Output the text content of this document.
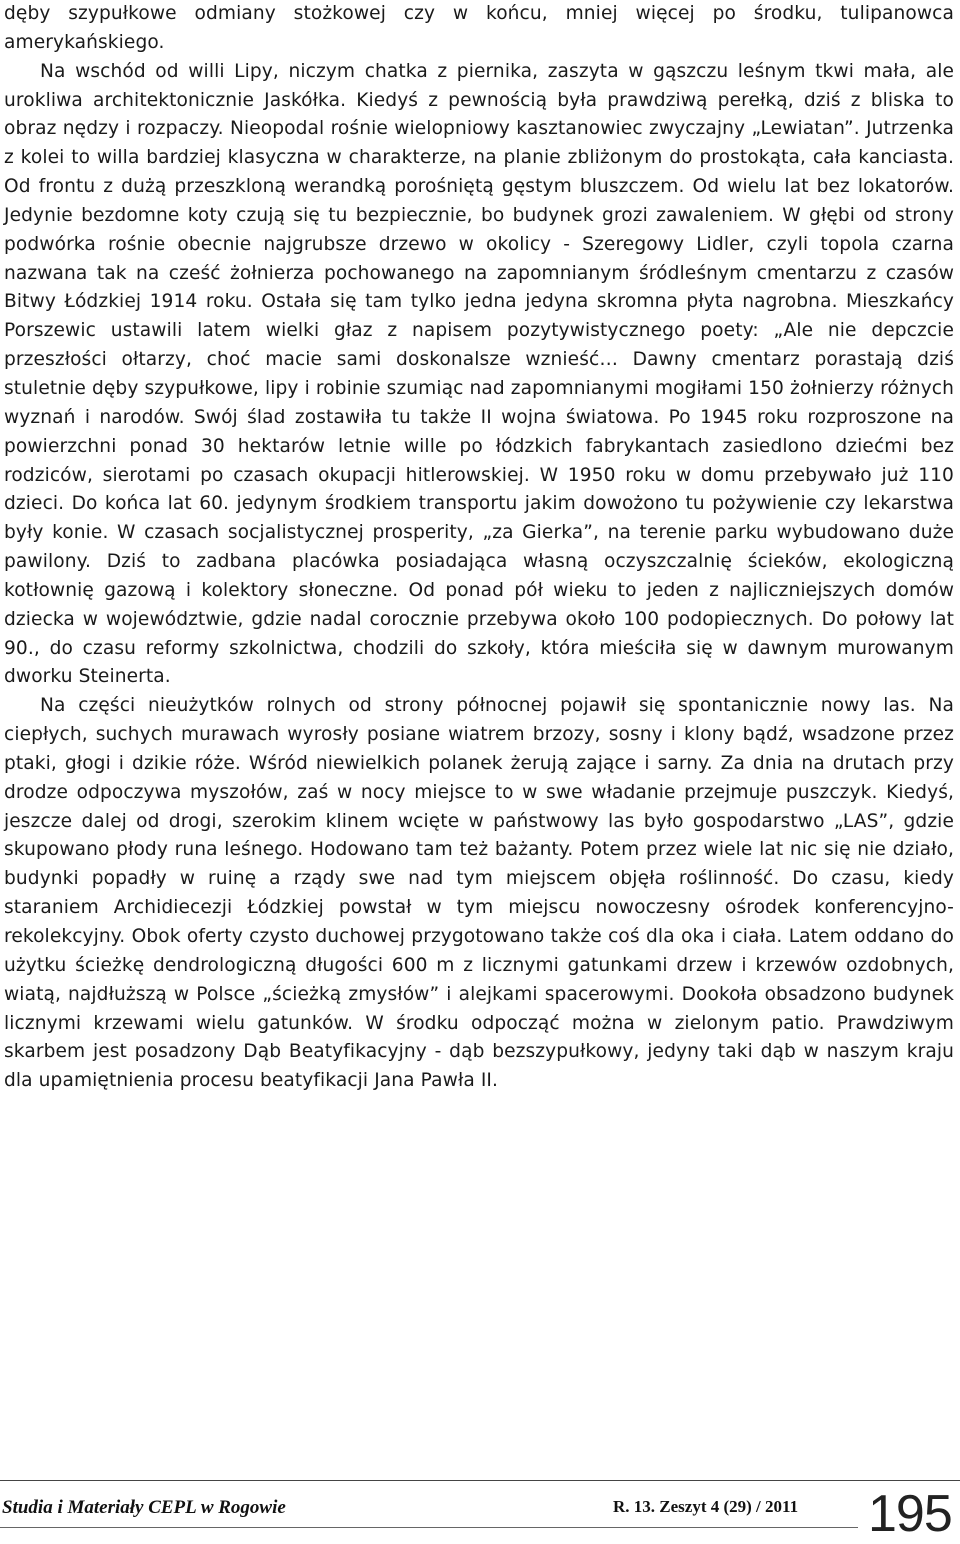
dęby szypułkowe odmiany stożkowej czy w końcu, mniej więcej po środku, tulipanowca amerykańskiego.

Na wschód od willi Lipy, niczym chatka z piernika, zaszyta w gąszczu leśnym tkwi mała, ale urokliwa architektonicznie Jaskółka. Kiedyś z pewnością była prawdziwą perełką, dziś z bliska to obraz nędzy i rozpaczy. Nieopodal rośnie wielopniowy kasztanowiec zwyczajny „Lewiatan”. Jutrzenka z kolei to willa bardziej klasyczna w charakterze, na planie zbliżonym do prostokąta, cała kanciasta. Od frontu z dużą przeszkloną werandką porośniętą gęstym bluszczem. Od wielu lat bez lokatorów. Jedynie bezdomne koty czują się tu bezpiecznie, bo budynek grozi zawaleniem. W głębi od strony podwórka rośnie obecnie najgrubsze drzewo w okolicy - Szeregowy Lidler, czyli topola czarna nazwana tak na cześć żołnierza pochowanego na zapomnianym śródleśnym cmentarzu z czasów Bitwy Łódzkiej 1914 roku. Ostała się tam tylko jedna jedyna skromna płyta nagrobna. Mieszkańcy Porszewic ustawili latem wielki głaz z napisem pozytywistycznego poety: „Ale nie depczcie przeszłości ołtarzy, choć macie sami doskonalsze wznieść… Dawny cmentarz porastają dziś stuletnie dęby szypułkowe, lipy i robinie szumiąc nad zapomnianymi mogiłami 150 żołnierzy różnych wyznań i narodów. Swój ślad zostawiła tu także II wojna światowa. Po 1945 roku rozproszone na powierzchni ponad 30 hektarów letnie wille po łódzkich fabrykantach zasiedlono dziećmi bez rodziców, sierotami po czasach okupacji hitlerowskiej. W 1950 roku w domu przebywało już 110 dzieci. Do końca lat 60. jedynym środkiem transportu jakim dowożono tu pożywienie czy lekarstwa były konie. W czasach socjalistycznej prosperity, „za Gierka”, na terenie parku wybudowano duże pawilony. Dziś to zadbana placówka posiadająca własną oczyszczalnię ścieków, ekologiczną kotłownię gazową i kolektory słoneczne. Od ponad pół wieku to jeden z najliczniejszych domów dziecka w województwie, gdzie nadal corocznie przebywa około 100 podopiecznych. Do połowy lat 90., do czasu reformy szkolnictwa, chodzili do szkoły, która mieściła się w dawnym murowanym dworku Steinerta.

Na części nieużytków rolnych od strony północnej pojawił się spontanicznie nowy las. Na ciepłych, suchych murawach wyrosły posiane wiatrem brzozy, sosny i klony bądź, wsadzone przez ptaki, głogi i dzikie róże. Wśród niewielkich polanek żerują zające i sarny. Za dnia na drutach przy drodze odpoczywa myszołów, zaś w nocy miejsce to w swe władanie przejmuje puszczyk. Kiedyś, jeszcze dalej od drogi, szerokim klinem wcięte w państwowy las było gospodarstwo „LAS”, gdzie skupowano płody runa leśnego. Hodowano tam też bażanty. Potem przez wiele lat nic się nie działo, budynki popadły w ruinę a rządy swe nad tym miejscem objęła roślinność. Do czasu, kiedy staraniem Archidiecezji Łódzkiej powstał w tym miejscu nowoczesny ośrodek konferencyjno-rekolekcyjny. Obok oferty czysto duchowej przygotowano także coś dla oka i ciała. Latem oddano do użytku ścieżkę dendrologiczną długości 600 m z licznymi gatunkami drzew i krzewów ozdobnych, wiatą, najdłuższą w Polsce „ścieżką zmysłów” i alejkami spacerowymi. Dookoła obsadzono budynek licznymi krzewami wielu gatunków. W środku odpocząć można w zielonym patio. Prawdziwym skarbem jest posadzony Dąb Beatyfikacyjny - dąb bezszypułkowy, jedyny taki dąb w naszym kraju dla upamiętnienia procesu beatyfikacji Jana Pawła II.

Studia i Materiały CEPL w Rogowie	R. 13. Zeszyt 4 (29) / 2011 195
